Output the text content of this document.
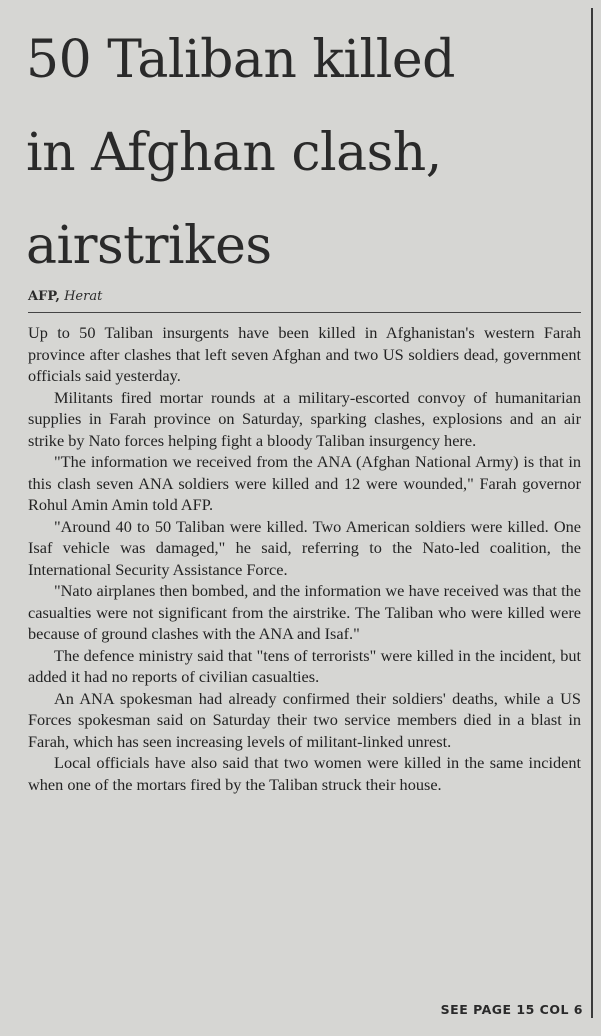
50 Taliban killed
in Afghan clash,
airstrikes
AFP, Herat

Up to 50 Taliban insurgents have been killed in Afghanistan's western Farah province after clashes that left seven Afghan and two US soldiers dead, government officials said yesterday.

Militants fired mortar rounds at a military-escorted convoy of humanitarian supplies in Farah province on Saturday, sparking clashes, explosions and an air strike by Nato forces helping fight a bloody Taliban insurgency here.

"The information we received from the ANA (Afghan National Army) is that in this clash seven ANA soldiers were killed and 12 were wounded," Farah governor Rohul Amin Amin told AFP.

"Around 40 to 50 Taliban were killed. Two American soldiers were killed. One Isaf vehicle was damaged," he said, referring to the Nato-led coalition, the International Security Assistance Force.

"Nato airplanes then bombed, and the information we have received was that the casualties were not significant from the airstrike. The Taliban who were killed were because of ground clashes with the ANA and Isaf."

The defence ministry said that "tens of terrorists" were killed in the incident, but added it had no reports of civilian casualties.

An ANA spokesman had already confirmed their soldiers' deaths, while a US Forces spokesman said on Saturday their two service members died in a blast in Farah, which has seen increasing levels of militant-linked unrest.

Local officials have also said that two women were killed in the same incident when one of the mortars fired by the Taliban struck their house.

SEE PAGE 15 COL 6
